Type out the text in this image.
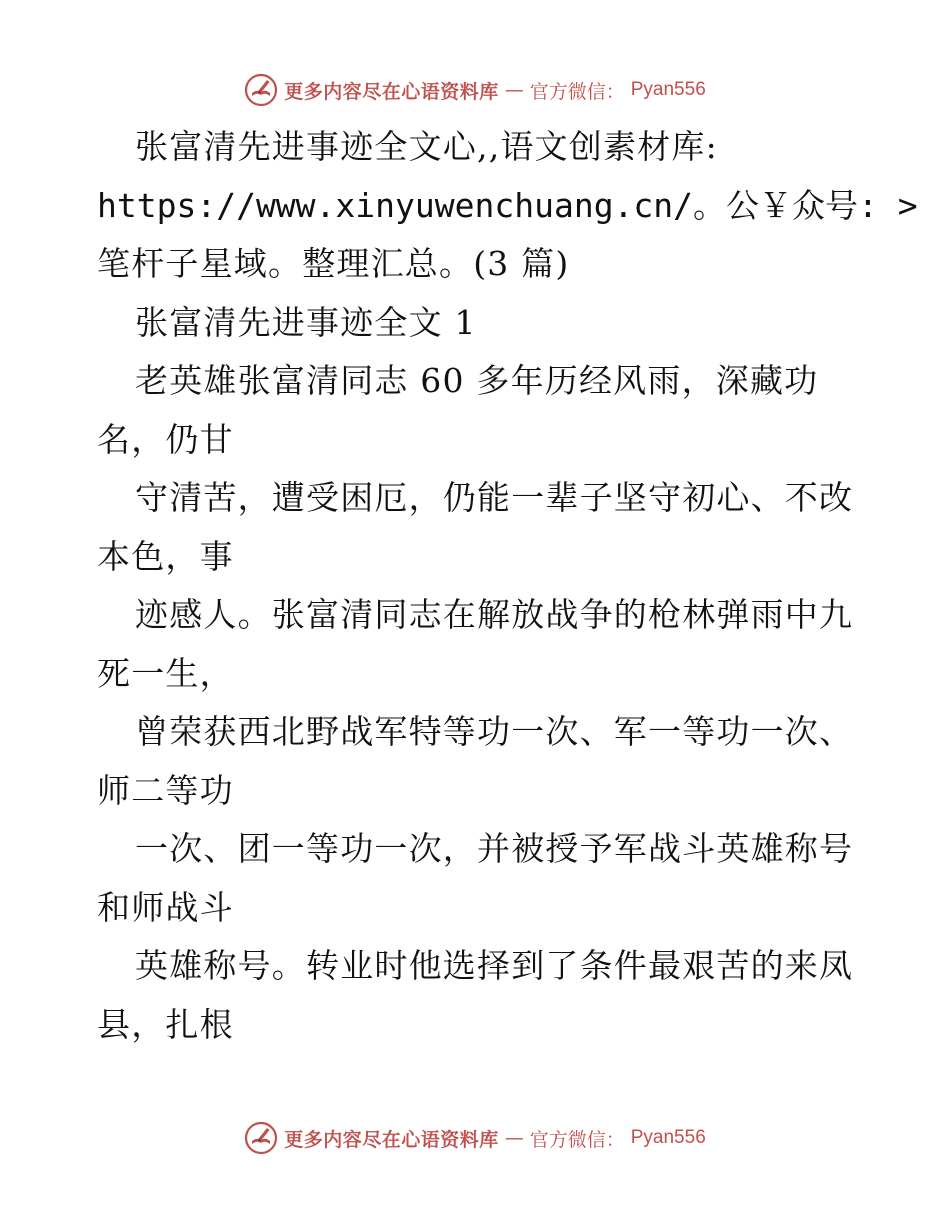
更多内容尽在心语资料库 — 官方微信： Pyan556
张富清先进事迹全文心,,语文创素材库:
https://www.xinyuwenchuang.cn/。公￥众号: >
笔杆子星域。整理汇总。(3 篇)
张富清先进事迹全文 1
老英雄张富清同志 60 多年历经风雨，深藏功
名，仍甘
守清苦，遭受困厄，仍能一辈子坚守初心、不改
本色，事
迹感人。张富清同志在解放战争的枪林弹雨中九
死一生，
曾荣获西北野战军特等功一次、军一等功一次、
师二等功
一次、团一等功一次，并被授予军战斗英雄称号
和师战斗
英雄称号。转业时他选择到了条件最艰苦的来凤
县，扎根
更多内容尽在心语资料库 — 官方微信： Pyan556
